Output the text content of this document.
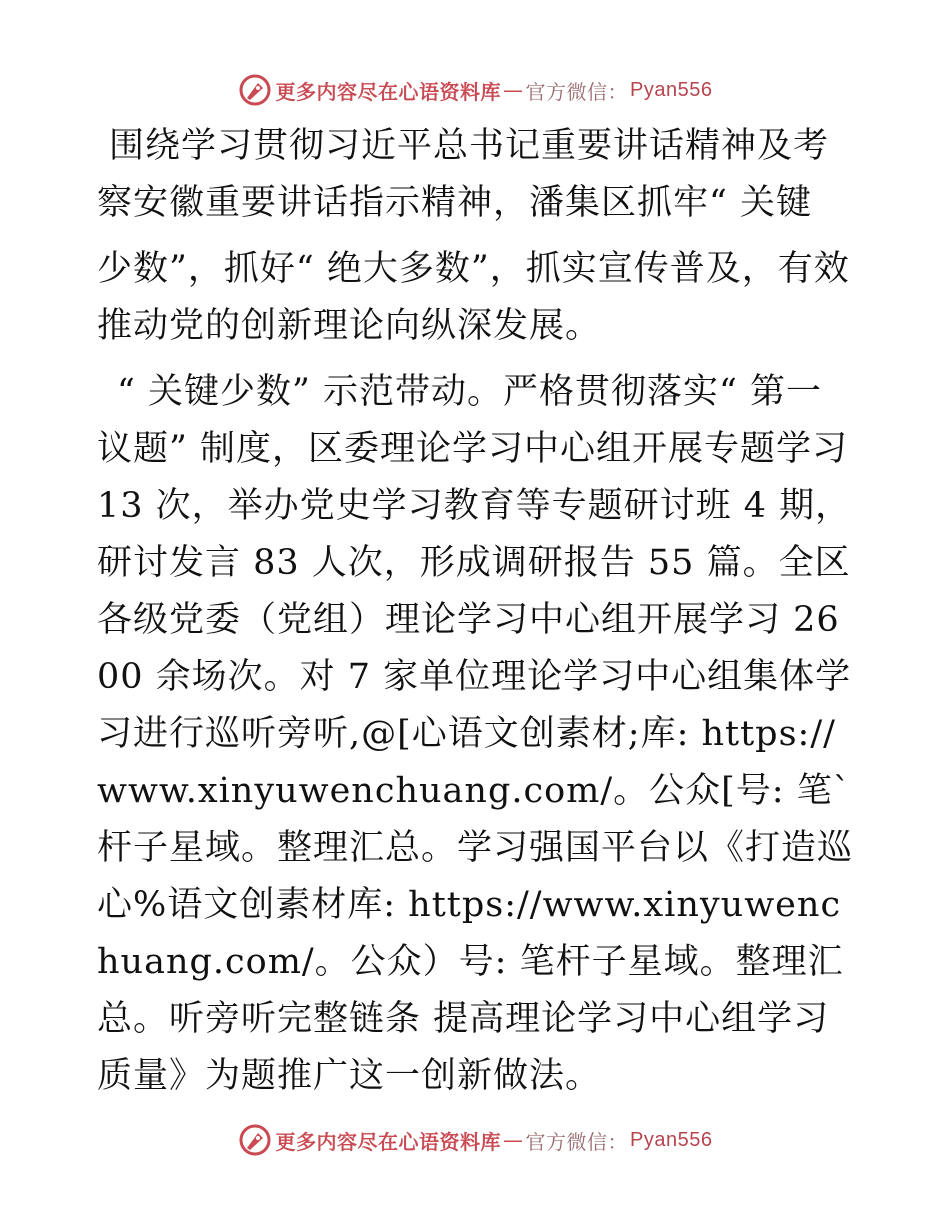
更多内容尽在心语资料库 — 官方微信： Pyan556

围绕学习贯彻习近平总书记重要讲话精神及考察安徽重要讲话指示精神，潘集区抓牢“ 关键

少数”，抓好“ 绝大多数”，抓实宣传普及，有效推动党的创新理论向纵深发展。

“ 关键少数” 示范带动。严格贯彻落实“ 第一议题” 制度，区委理论学习中心组开展专题学习13 次，举办党史学习教育等专题研讨班 4 期，研讨发言 83 人次，形成调研报告 55 篇。全区各级党委（党组）理论学习中心组开展学习 2600 余场次。对 7 家单位理论学习中心组集体学习进行巡听旁听,@[心语文创素材;库: https://www.xinyuwenchuang.com/。公众[号: 笔`杆子星域。整理汇总。学习强国平台以《打造巡心%语文创素材库: https://www.xinyuwenchuang.com/。公众）号: 笔杆子星域。整理汇总。听旁听完整链条 提高理论学习中心组学习质量》为题推广这一创新做法。

更多内容尽在心语资料库 — 官方微信： Pyan556
